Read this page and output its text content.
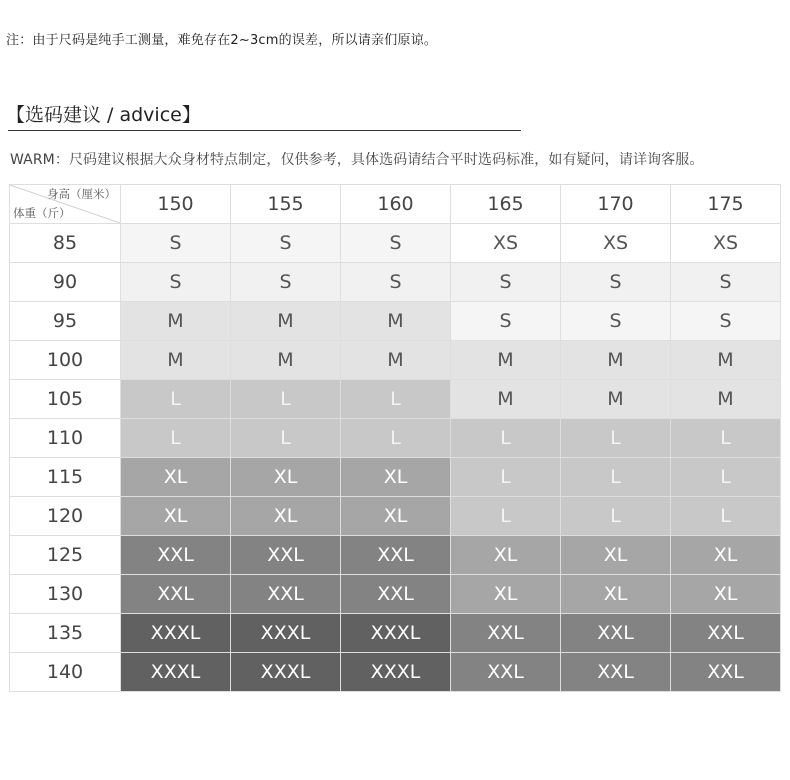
注：由于尺码是纯手工测量，难免存在2~3cm的误差，所以请亲们原谅。
【选码建议 / advice】
WARM：尺码建议根据大众身材特点制定，仅供参考，具体选码请结合平时选码标准，如有疑问，请详询客服。
身高（厘米）
体重（斤）	150	155	160	165	170	175
85	S	S	S	XS	XS	XS
90	S	S	S	S	S	S
95	M	M	M	S	S	S
100	M	M	M	M	M	M
105	L	L	L	M	M	M
110	L	L	L	L	L	L
115	XL	XL	XL	L	L	L
120	XL	XL	XL	L	L	L
125	XXL	XXL	XXL	XL	XL	XL
130	XXL	XXL	XXL	XL	XL	XL
135	XXXL	XXXL	XXXL	XXL	XXL	XXL
140	XXXL	XXXL	XXXL	XXL	XXL	XXL
